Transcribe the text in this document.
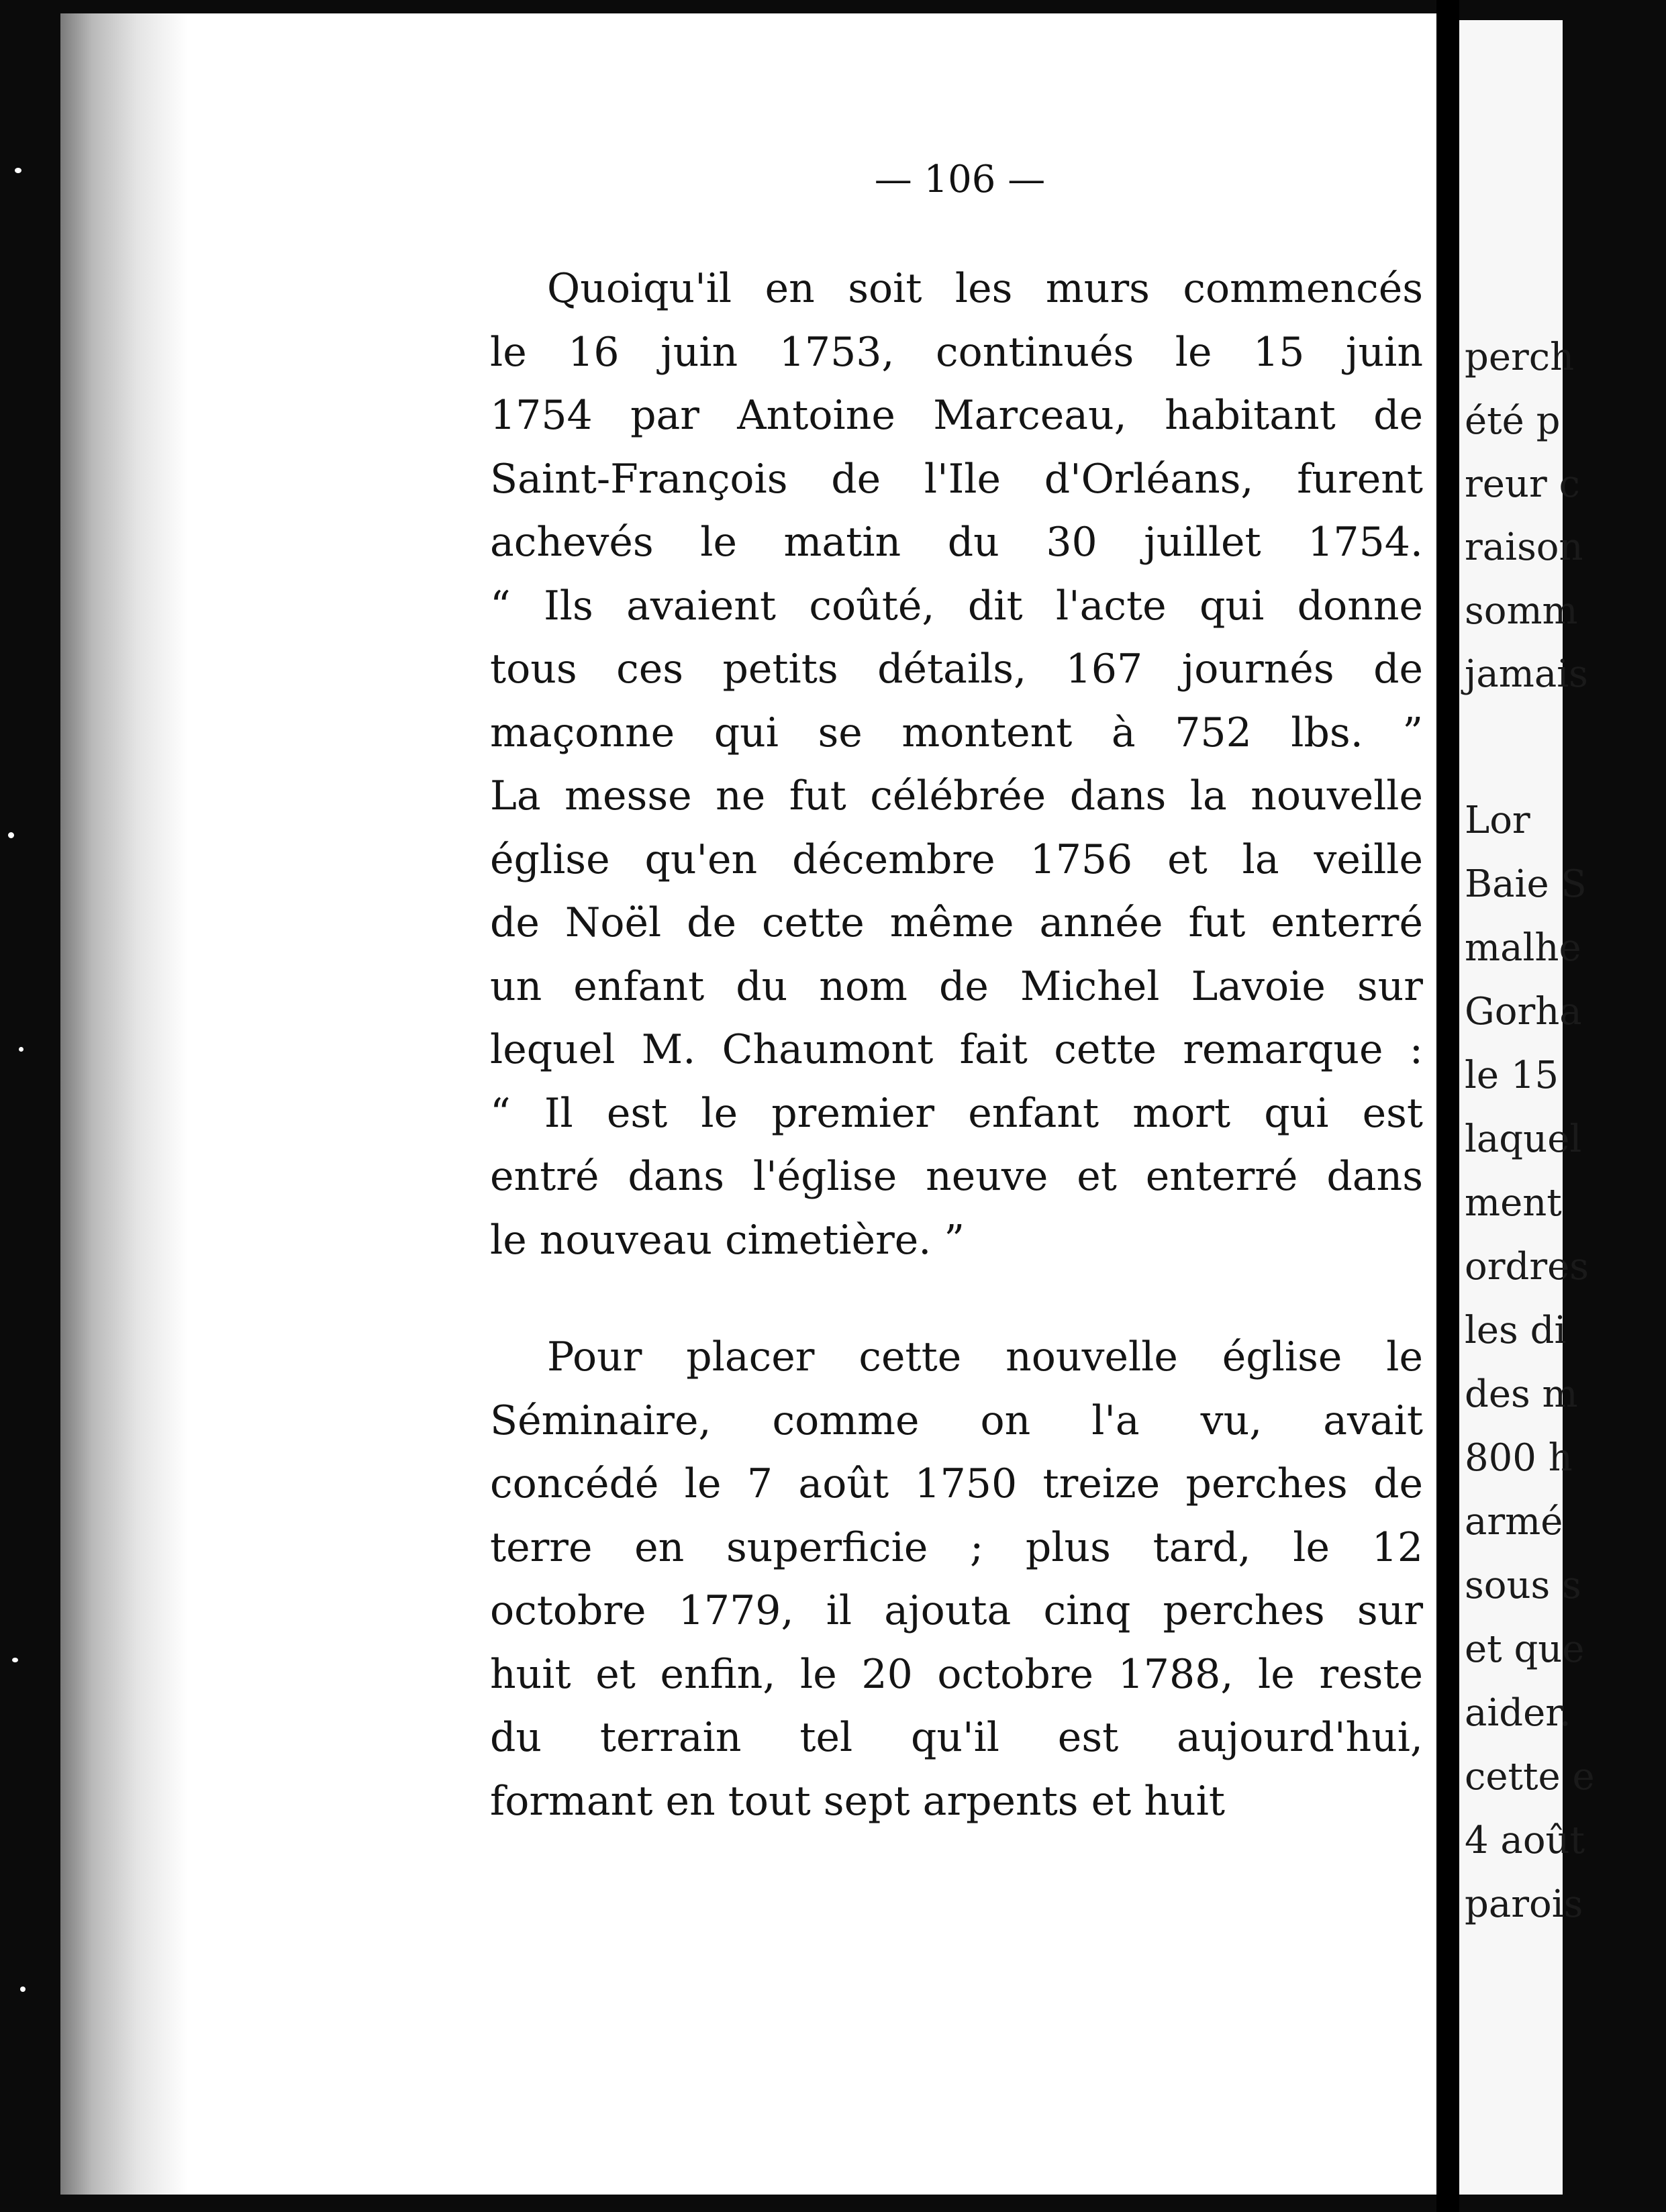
perch
été p
reur c
raison
somm
jamais
Lor
Baie S
malhe
Gorha
le 15
laquel
ment
ordres
les di
des m
800 h
armé
sous s
et que
aider.
cette e
4 août
parois
— 106 —
Quoiqu'il en soit les murs commencés
le 16 juin 1753, continués le 15 juin
1754 par Antoine Marceau, habitant de
Saint-François de l'Ile d'Orléans, furent
achevés le matin du 30 juillet 1754.
“ Ils avaient coûté, dit l'acte qui donne
tous ces petits détails, 167 journés de
maçonne qui se montent à 752 lbs. ”
La messe ne fut célébrée dans la nouvelle
église qu'en décembre 1756 et la veille
de Noël de cette même année fut enterré
un enfant du nom de Michel Lavoie sur
lequel M. Chaumont fait cette remarque :
“ Il est le premier enfant mort qui est
entré dans l'église neuve et enterré dans
le nouveau cimetière. ”
Pour placer cette nouvelle église le
Séminaire, comme on l'a vu, avait
concédé le 7 août 1750 treize perches de
terre en superficie ; plus tard, le 12
octobre 1779, il ajouta cinq perches sur
huit et enfin, le 20 octobre 1788, le reste
du terrain tel qu'il est aujourd'hui,
formant en tout sept arpents et huit
